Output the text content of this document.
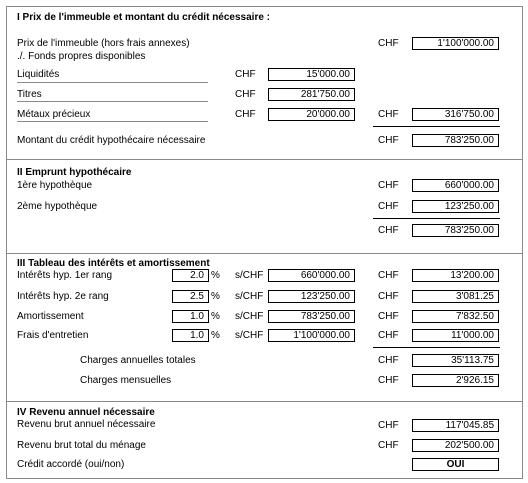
I Prix de l'immeuble et montant du crédit nécessaire :
Prix de l'immeuble (hors frais annexes)	CHF	1'100'000.00
./. Fonds propres disponibles
Liquidités	CHF	15'000.00
Titres	CHF	281'750.00
Métaux précieux	CHF	20'000.00	CHF	316'750.00
Montant du crédit hypothécaire nécessaire	CHF	783'250.00
II Emprunt hypothécaire
1ère hypothèque	CHF	660'000.00
2ème hypothèque	CHF	123'250.00
CHF	783'250.00
III Tableau des intérêts et amortissement
Intérêts hyp. 1er rang	2.0 % s/CHF	660'000.00	CHF	13'200.00
Intérêts hyp. 2e rang	2.5 % s/CHF	123'250.00	CHF	3'081.25
Amortissement	1.0 % s/CHF	783'250.00	CHF	7'832.50
Frais d'entretien	1.0 % s/CHF	1'100'000.00	CHF	11'000.00
Charges annuelles totales	CHF	35'113.75
Charges mensuelles	CHF	2'926.15
IV Revenu annuel nécessaire
Revenu brut annuel nécessaire	CHF	117'045.85
Revenu brut total du ménage	CHF	202'500.00
Crédit accordé (oui/non)	OUI
